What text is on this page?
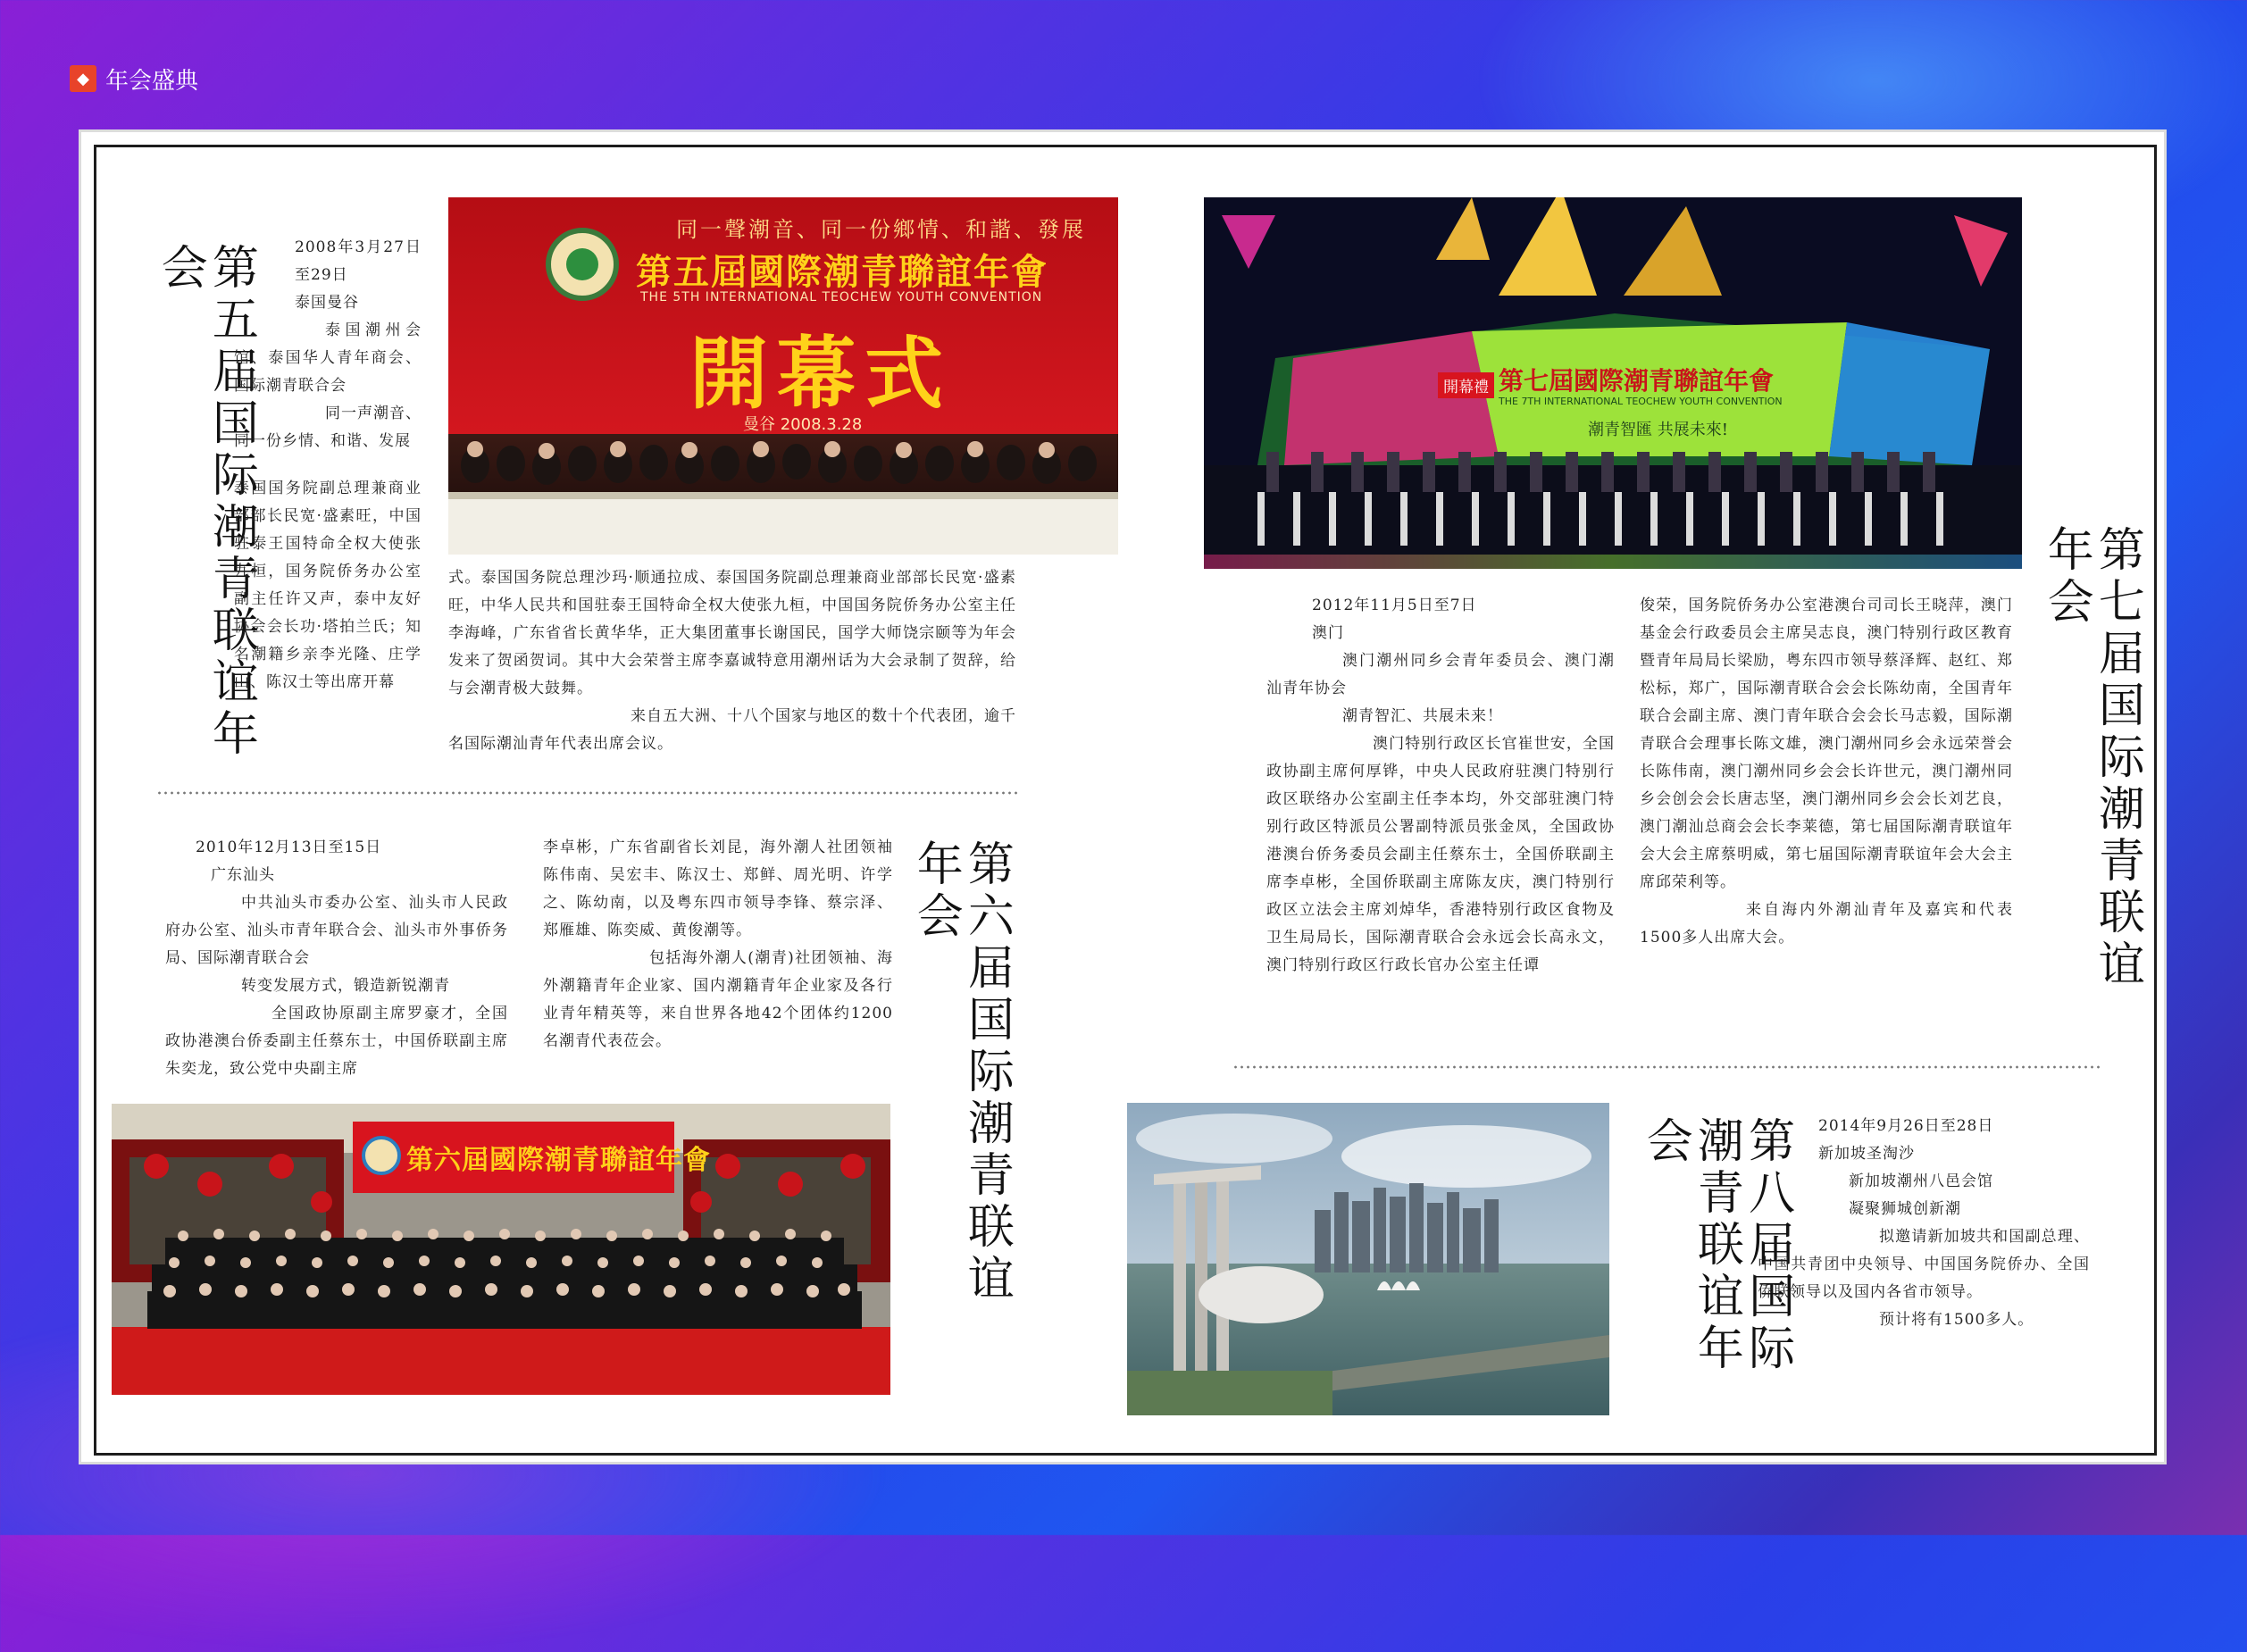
◆ 年会盛典
第五届国际潮青联谊年会	2008年3月27日至29日

泰国曼谷

泰国潮州会馆、泰国华人青年商会、国际潮青联合会

同一声潮音、同一份乡情、和谐、发展

泰国国务院副总理兼商业部部长民宽·盛素旺，中国驻泰王国特命全权大使张九桓，国务院侨务办公室副主任许又声，泰中友好协会会长功·塔拍兰氏；知名潮籍乡亲李光隆、庄学山、陈汉士等出席开幕

同一聲潮音、同一份鄉情、和諧、發展
第五屆國際潮青聯誼年會
THE 5TH INTERNATIONAL TEOCHEW YOUTH CONVENTION
開幕式
曼谷 2008.3.28

式。泰国国务院总理沙玛·顺通拉成、泰国国务院副总理兼商业部部长民宽·盛素旺，中华人民共和国驻泰王国特命全权大使张九桓，中国国务院侨务办公室主任李海峰，广东省省长黄华华，正大集团董事长谢国民，国学大师饶宗颐等为年会发来了贺函贺词。其中大会荣誉主席李嘉诚特意用潮州话为大会录制了贺辞，给与会潮青极大鼓舞。

来自五大洲、十八个国家与地区的数十个代表团，逾千名国际潮汕青年代表出席会议。

2010年12月13日至15日

广东汕头

中共汕头市委办公室、汕头市人民政府办公室、汕头市青年联合会、汕头市外事侨务局、国际潮青联合会

转变发展方式，锻造新锐潮青

全国政协原副主席罗豪才，全国政协港澳台侨委副主任蔡东士，中国侨联副主席朱奕龙，致公党中央副主席

李卓彬，广东省副省长刘昆，海外潮人社团领袖陈伟南、吴宏丰、陈汉士、郑鲜、周光明、许学之、陈幼南，以及粤东四市领导李锋、蔡宗泽、郑雁雄、陈奕威、黄俊潮等。

包括海外潮人(潮青)社团领袖、海外潮籍青年企业家、国内潮籍青年企业家及各行业青年精英等，来自世界各地42个团体约1200名潮青代表莅会。	第六届国际潮青联谊年会
第六屆國際潮青聯誼年會
開幕禮 第七屆國際潮青聯誼年會
THE 7TH INTERNATIONAL TEOCHEW YOUTH CONVENTION
潮青智匯 共展未來!

2012年11月5日至7日

澳门

澳门潮州同乡会青年委员会、澳门潮汕青年协会

潮青智汇、共展未来！

澳门特别行政区长官崔世安，全国政协副主席何厚铧，中央人民政府驻澳门特别行政区联络办公室副主任李本均，外交部驻澳门特别行政区特派员公署副特派员张金凤，全国政协港澳台侨务委员会副主任蔡东士，全国侨联副主席李卓彬，全国侨联副主席陈友庆，澳门特别行政区立法会主席刘焯华，香港特别行政区食物及卫生局局长，国际潮青联合会永远会长高永文，澳门特别行政区行政长官办公室主任谭

俊荣，国务院侨务办公室港澳台司司长王晓萍，澳门基金会行政委员会主席吴志良，澳门特别行政区教育暨青年局局长梁励，粤东四市领导蔡泽辉、赵红、郑松标，郑广，国际潮青联合会会长陈幼南，全国青年联合会副主席、澳门青年联合会会长马志毅，国际潮青联合会理事长陈文雄，澳门潮州同乡会永远荣誉会长陈伟南，澳门潮州同乡会会长许世元，澳门潮州同乡会创会会长唐志坚，澳门潮州同乡会会长刘艺良，澳门潮汕总商会会长李莱德，第七届国际潮青联谊年会大会主席蔡明威，第七届国际潮青联谊年会大会主席邱荣利等。

来自海内外潮汕青年及嘉宾和代表1500多人出席大会。	第七届国际潮青联谊年会
第八届国际潮青联谊年会	2014年9月26日至28日

新加坡圣淘沙

新加坡潮州八邑会馆

凝聚狮城创新潮

拟邀请新加坡共和国副总理、中国共青团中央领导、中国国务院侨办、全国侨联领导以及国内各省市领导。

预计将有1500多人。
